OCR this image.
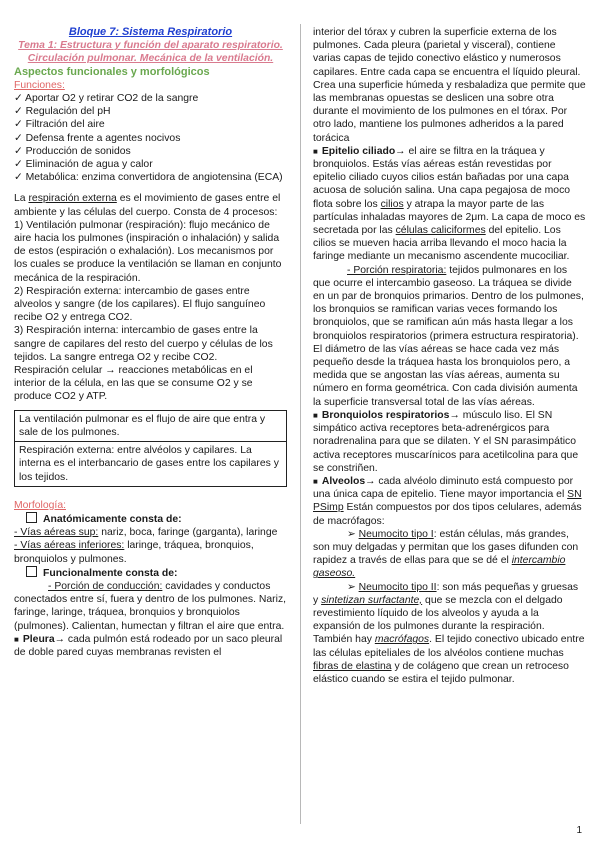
Bloque 7: Sistema Respiratorio

Tema 1: Estructura y función del aparato respiratorio. Circulación pulmonar. Mecánica de la ventilación.

Aspectos funcionales y morfológicos

Funciones:

✓ Aportar O2 y retirar CO2 de la sangre

✓ Regulación del pH

✓ Filtración del aire

✓ Defensa frente a agentes nocivos

✓ Producción de sonidos

✓ Eliminación de agua y calor

✓ Metabólica: enzima convertidora de angiotensina (ECA)

La respiración externa es el movimiento de gases entre el ambiente y las células del cuerpo. Consta de 4 procesos:

1) Ventilación pulmonar (respiración): flujo mecánico de aire hacia los pulmones (inspiración o inhalación) y salida de estos (espiración o exhalación). Los mecanismos por los cuales se produce la ventilación se llaman en conjunto mecánica de la respiración.

2) Respiración externa: intercambio de gases entre alveolos y sangre (de los capilares). El flujo sanguíneo recibe O2 y entrega CO2.

3) Respiración interna: intercambio de gases entre la sangre de capilares del resto del cuerpo y células de los tejidos. La sangre entrega O2 y recibe CO2.

Respiración celular → reacciones metabólicas en el interior de la célula, en las que se consume O2 y se produce CO2 y ATP.

La ventilación pulmonar es el flujo de aire que entra y sale de los pulmones.

Respiración externa: entre alvéolos y capilares. La interna es el interbancario de gases entre los capilares y los tejidos.

Morfología:

Anatómicamente consta de:

- Vías aéreas sup: nariz, boca, faringe (garganta), laringe

- Vías aéreas inferiores: laringe, tráquea, bronquios, bronquiolos y pulmones.

Funcionalmente consta de:

- Porción de conducción: cavidades y conductos conectados entre sí, fuera y dentro de los pulmones. Nariz, faringe, laringe, tráquea, bronquios y bronquiolos (pulmones). Calientan, humectan y filtran el aire que entra.

■ Pleura→ cada pulmón está rodeado por un saco pleural de doble pared cuyas membranas revisten el

interior del tórax y cubren la superficie externa de los pulmones. Cada pleura (parietal y visceral), contiene varias capas de tejido conectivo elástico y numerosos capilares. Entre cada capa se encuentra el líquido pleural. Crea una superficie húmeda y resbaladiza que permite que las membranas opuestas se deslicen una sobre otra durante el movimiento de los pulmones en el tórax. Por otro lado, mantiene los pulmones adheridos a la pared torácica

■ Epitelio ciliado→ el aire se filtra en la tráquea y bronquiolos. Estás vías aéreas están revestidas por epitelio ciliado cuyos cilios están bañadas por una capa acuosa de solución salina. Una capa pegajosa de moco flota sobre los cilios y atrapa la mayor parte de las partículas inhaladas mayores de 2μm. La capa de moco es secretada por las células caliciformes del epitelio. Los cilios se mueven hacia arriba llevando el moco hacia la faringe mediante un mecanismo ascendente mucociliar.

- Porción respiratoria: tejidos pulmonares en los que ocurre el intercambio gaseoso. La tráquea se divide en un par de bronquios primarios. Dentro de los pulmones, los bronquios se ramifican varias veces formando los bronquiolos, que se ramifican aún más hasta llegar a los bronquiolos respiratorios (primera estructura respiratoria). El diámetro de las vías aéreas se hace cada vez más pequeño desde la tráquea hasta los bronquiolos pero, a medida que se angostan las vías aéreas, aumenta su número en forma geométrica. Con cada división aumenta la superficie transversal total de las vías aéreas.

■ Bronquiolos respiratorios→ músculo liso. El SN simpático activa receptores beta-adrenérgicos para noradrenalina para que se dilaten. Y el SN parasimpático activa receptores muscarínicos para acetilcolina para que se constriñen.

■ Alveolos→ cada alvéolo diminuto está compuesto por una única capa de epitelio. Tiene mayor importancia el SN PSimp Están compuestos por dos tipos celulares, además de macrófagos:

➢ Neumocito tipo I: están células, más grandes, son muy delgadas y permitan que los gases difunden con rapidez a través de ellas para que se dé el intercambio gaseoso.

➢ Neumocito tipo II: son más pequeñas y gruesas y sintetizan surfactante, que se mezcla con el delgado revestimiento líquido de los alveolos y ayuda a la expansión de los pulmones durante la respiración. También hay macrófagos. El tejido conectivo ubicado entre las células epiteliales de los alvéolos contiene muchas fibras de elastina y de colágeno que crean un retroceso elástico cuando se estira el tejido pulmonar.

1
